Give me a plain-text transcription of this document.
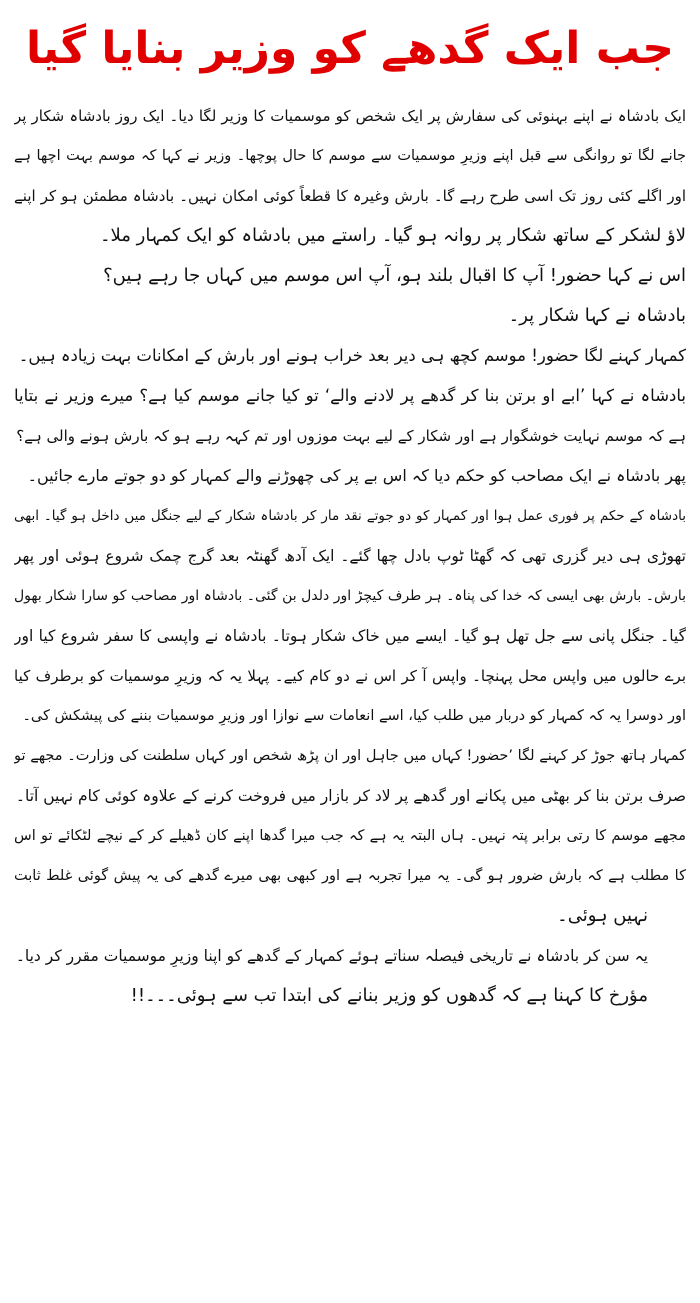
جب ایک گدھے کو وزیر بنایا گیا
ایک بادشاہ نے اپنے بہنوئی کی سفارش پر ایک شخص کو موسمیات کا وزیر لگا دیا۔ ایک روز بادشاہ شکار پر
جانے لگا تو روانگی سے قبل اپنے وزیرِ موسمیات سے موسم کا حال پوچھا۔ وزیر نے کہا کہ موسم بہت اچھا ہے
اور اگلے کئی روز تک اسی طرح رہے گا۔ بارش وغیرہ کا قطعاً کوئی امکان نہیں۔ بادشاہ مطمئن ہو کر اپنے
لاؤ لشکر کے ساتھ شکار پر روانہ ہو گیا۔ راستے میں بادشاہ کو ایک کمہار ملا۔
اس نے کہا حضور! آپ کا اقبال بلند ہو، آپ اس موسم میں کہاں جا رہے ہیں؟
بادشاہ نے کہا شکار پر۔
کمہار کہنے لگا حضور! موسم کچھ ہی دیر بعد خراب ہونے اور بارش کے امکانات بہت زیادہ ہیں۔
بادشاہ نے کہا ’ابے او برتن بنا کر گدھے پر لادنے والے‘ تو کیا جانے موسم کیا ہے؟ میرے وزیر نے بتایا
ہے کہ موسم نہایت خوشگوار ہے اور شکار کے لیے بہت موزوں اور تم کہہ رہے ہو کہ بارش ہونے والی ہے؟
پھر بادشاہ نے ایک مصاحب کو حکم دیا کہ اس بے پر کی چھوڑنے والے کمہار کو دو جوتے مارے جائیں۔
بادشاہ کے حکم پر فوری عمل ہوا اور کمہار کو دو جوتے نقد مار کر بادشاہ شکار کے لیے جنگل میں داخل ہو گیا۔ ابھی
تھوڑی ہی دیر گزری تھی کہ گھٹا ٹوپ بادل چھا گئے۔ ایک آدھ گھنٹہ بعد گرج چمک شروع ہوئی اور پھر
بارش۔ بارش بھی ایسی کہ خدا کی پناہ۔ ہر طرف کیچڑ اور دلدل بن گئی۔ بادشاہ اور مصاحب کو سارا شکار بھول
گیا۔ جنگل پانی سے جل تھل ہو گیا۔ ایسے میں خاک شکار ہوتا۔ بادشاہ نے واپسی کا سفر شروع کیا اور
برے حالوں میں واپس محل پہنچا۔ واپس آ کر اس نے دو کام کیے۔ پہلا یہ کہ وزیرِ موسمیات کو برطرف کیا
اور دوسرا یہ کہ کمہار کو دربار میں طلب کیا، اسے انعامات سے نوازا اور وزیرِ موسمیات بننے کی پیشکش کی۔
کمہار ہاتھ جوڑ کر کہنے لگا ’حضور! کہاں میں جاہل اور ان پڑھ شخص اور کہاں سلطنت کی وزارت۔ مجھے تو
صرف برتن بنا کر بھٹی میں پکانے اور گدھے پر لاد کر بازار میں فروخت کرنے کے علاوہ کوئی کام نہیں آتا۔
مجھے موسم کا رتی برابر پتہ نہیں۔ ہاں البتہ یہ ہے کہ جب میرا گدھا اپنے کان ڈھیلے کر کے نیچے لٹکائے تو اس
کا مطلب ہے کہ بارش ضرور ہو گی۔ یہ میرا تجربہ ہے اور کبھی بھی میرے گدھے کی یہ پیش گوئی غلط ثابت
نہیں ہوئی۔
یہ سن کر بادشاہ نے تاریخی فیصلہ سناتے ہوئے کمہار کے گدھے کو اپنا وزیرِ موسمیات مقرر کر دیا۔
مؤرخ کا کہنا ہے کہ گدھوں کو وزیر بنانے کی ابتدا تب سے ہوئی۔۔۔!!
